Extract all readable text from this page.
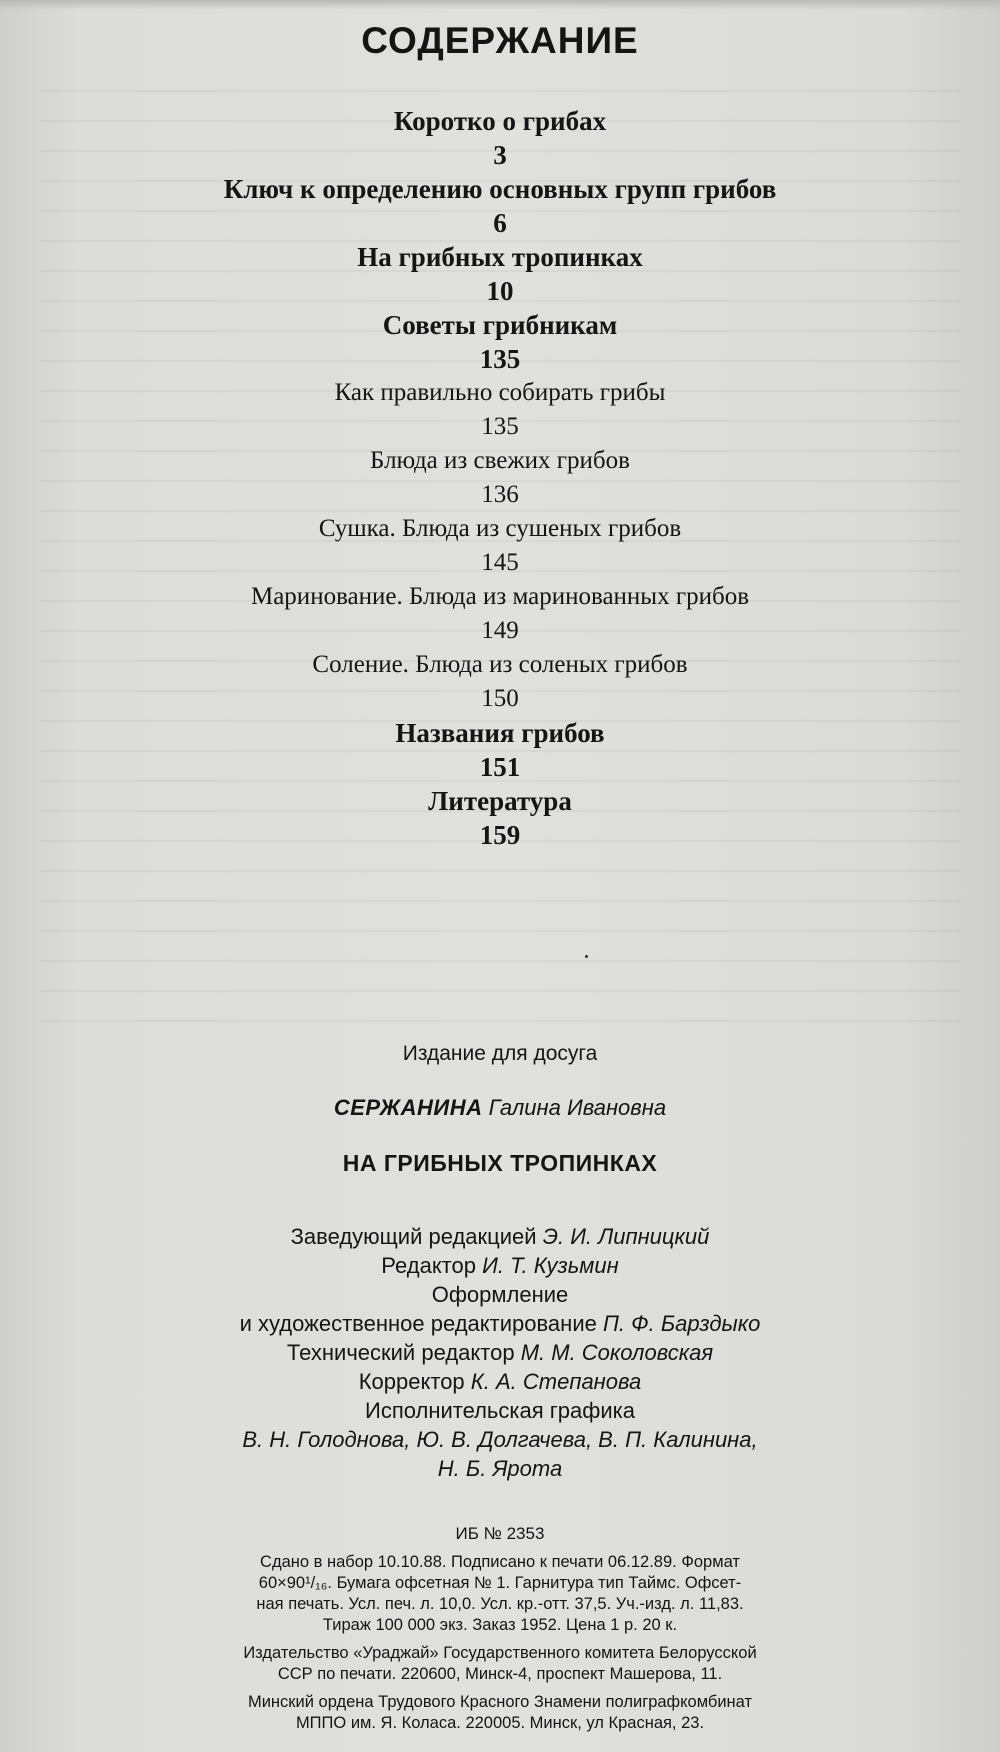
СОДЕРЖАНИЕ
Коротко о грибах
3
Ключ к определению основных групп грибов
6
На грибных тропинках
10
Советы грибникам
135
Как правильно собирать грибы
135
Блюда из свежих грибов
136
Сушка. Блюда из сушеных грибов
145
Маринование. Блюда из маринованных грибов
149
Соление. Блюда из соленых грибов
150
Названия грибов
151
Литература
159
Издание для досуга
СЕРЖАНИНА Галина Ивановна
НА ГРИБНЫХ ТРОПИНКАХ
Заведующий редакцией Э. И. Липницкий
Редактор И. Т. Кузьмин
Оформление
и художественное редактирование П. Ф. Барздыко
Технический редактор М. М. Соколовская
Корректор К. А. Степанова
Исполнительская графика
В. Н. Голоднова, Ю. В. Долгачева, В. П. Калинина,
Н. Б. Ярота
ИБ № 2353
Сдано в набор 10.10.88. Подписано к печати 06.12.89. Формат
60×90¹/₁₆. Бумага офсетная № 1. Гарнитура тип Таймс. Офсет-
ная печать. Усл. печ. л. 10,0. Усл. кр.-отт. 37,5. Уч.-изд. л. 11,83.
Тираж 100 000 экз. Заказ 1952. Цена 1 р. 20 к.
Издательство «Ураджай» Государственного комитета Белорусской
ССР по печати. 220600, Минск-4, проспект Машерова, 11.
Минский ордена Трудового Красного Знамени полиграфкомбинат
МППО им. Я. Коласа. 220005. Минск, ул Красная, 23.
